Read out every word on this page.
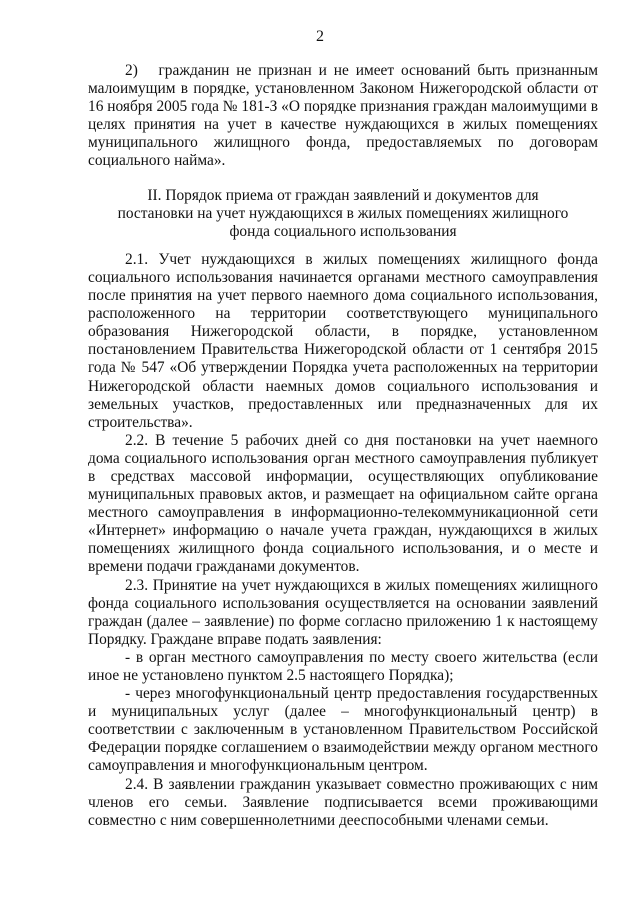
2

2)   гражданин не признан и не имеет оснований быть признанным малоимущим в порядке, установленном Законом Нижегородской области от 16 ноября 2005 года № 181-З «О порядке признания граждан малоимущими в целях принятия на учет в качестве нуждающихся в жилых помещениях муниципального жилищного фонда, предоставляемых по договорам социального найма».

II. Порядок приема от граждан заявлений и документов для постановки на учет нуждающихся в жилых помещениях жилищного фонда социального использования

2.1. Учет нуждающихся в жилых помещениях жилищного фонда социального использования начинается органами местного самоуправления после принятия на учет первого наемного дома социального использования, расположенного на территории соответствующего муниципального образования Нижегородской области, в порядке, установленном постановлением Правительства Нижегородской области от 1 сентября 2015 года № 547 «Об утверждении Порядка учета расположенных на территории Нижегородской области наемных домов социального использования и земельных участков, предоставленных или предназначенных для их строительства».

2.2. В течение 5 рабочих дней со дня постановки на учет наемного дома социального использования орган местного самоуправления публикует в средствах массовой информации, осуществляющих опубликование муниципальных правовых актов, и размещает на официальном сайте органа местного самоуправления в информационно-телекоммуникационной сети «Интернет» информацию о начале учета граждан, нуждающихся в жилых помещениях жилищного фонда социального использования, и о месте и времени подачи гражданами документов.

2.3. Принятие на учет нуждающихся в жилых помещениях жилищного фонда социального использования осуществляется на основании заявлений граждан (далее – заявление) по форме согласно приложению 1 к настоящему Порядку. Граждане вправе подать заявления:

- в орган местного самоуправления по месту своего жительства (если иное не установлено пунктом 2.5 настоящего Порядка);

- через многофункциональный центр предоставления государственных и муниципальных услуг (далее – многофункциональный центр) в соответствии с заключенным в установленном Правительством Российской Федерации порядке соглашением о взаимодействии между органом местного самоуправления и многофункциональным центром.

2.4. В заявлении гражданин указывает совместно проживающих с ним членов его семьи. Заявление подписывается всеми проживающими совместно с ним совершеннолетними дееспособными членами семьи.
